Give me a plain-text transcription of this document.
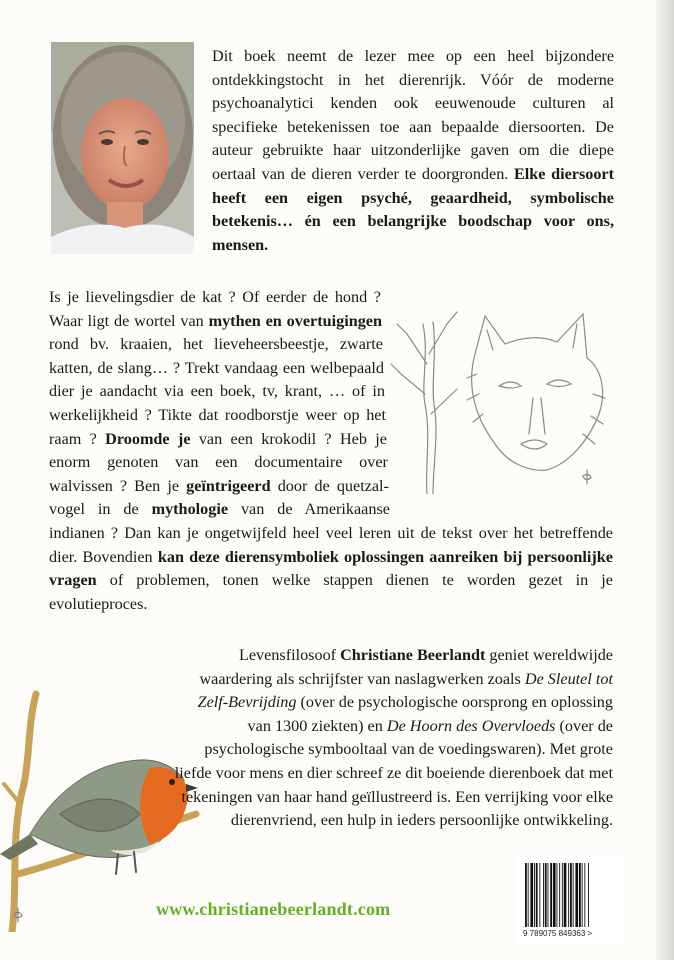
Dit boek neemt de lezer mee op een heel bijzondere ontdekkingstocht in het dierenrijk. Vóór de moderne psychoanalytici kenden ook eeuwenoude culturen al specifieke betekenissen toe aan bepaalde diersoorten. De auteur gebruikte haar uitzonderlijke gaven om die diepe oertaal van de dieren verder te doorgronden. Elke diersoort heeft een eigen psyché, geaardheid, symbolische betekenis… én een belangrijke boodschap voor ons, mensen.

Is je lievelingsdier de kat ? Of eerder de hond ? Waar ligt de wortel van mythen en overtuigingen rond bv. kraaien, het lieveheersbeestje, zwarte katten, de slang… ? Trekt vandaag een welbepaald dier je aandacht via een boek, tv, krant, … of in werkelijkheid ? Tikte dat roodborstje weer op het raam ? Droomde je van een krokodil ? Heb je enorm genoten van een documentaire over walvissen ? Ben je geïntrigeerd door de quetzal-vogel in de mythologie van de Amerikaanse indianen ? Dan kan je ongetwijfeld heel veel leren uit de tekst over het betreffende dier. Bovendien kan deze dierensymboliek oplossingen aanreiken bij persoonlijke vragen of problemen, tonen welke stappen dienen te worden gezet in je evolutieproces.

Levensfilosoof Christiane Beerlandt geniet wereldwijde waardering als schrijfster van naslagwerken zoals De Sleutel tot Zelf-Bevrijding (over de psychologische oorsprong en oplossing van 1300 ziekten) en De Hoorn des Overvloeds (over de psychologische symbooltaal van de voedingswaren). Met grote liefde voor mens en dier schreef ze dit boeiende dierenboek dat met tekeningen van haar hand geïllustreerd is. Een verrijking voor elke dierenvriend, een hulp in ieders persoonlijke ontwikkeling.

www.christianebeerlandt.com
9 789075 849363 >
